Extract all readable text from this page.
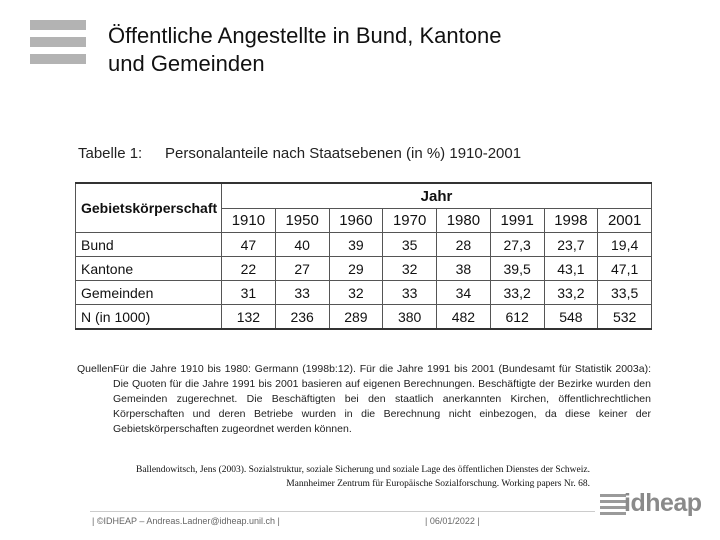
Öffentliche Angestellte in Bund, Kantone
und Gemeinden
Tabelle 1: Personalanteile nach Staatsebenen (in %) 1910-2001
Gebietskörperschaft	Jahr							
	1910	1950	1960	1970	1980	1991	1998	2001
Bund	47	40	39	35	28	27,3	23,7	19,4
Kantone	22	27	29	32	38	39,5	43,1	47,1
Gemeinden	31	33	32	33	34	33,2	33,2	33,5
N (in 1000)	132	236	289	380	482	612	548	532
Quellen:
Für die Jahre 1910 bis 1980: Germann (1998b:12). Für die Jahre 1991 bis 2001 (Bundesamt für Statistik 2003a): Die Quoten für die Jahre 1991 bis 2001 basieren auf eigenen Berechnungen. Beschäftigte der Bezirke wurden den Gemeinden zugerechnet. Die Beschäftigten bei den staatlich anerkannten Kirchen, öffentlichrechtlichen Körperschaften und deren Betriebe wurden in die Berechnung nicht einbezogen, da diese keiner der Gebietskörperschaften zugeordnet werden können.
Ballendowitsch, Jens (2003). Sozialstruktur, soziale Sicherung und soziale Lage des öffentlichen Dienstes der Schweiz.
Mannheimer Zentrum für Europäische Sozialforschung. Working papers Nr. 68.
idheap
| ©IDHEAP – Andreas.Ladner@idheap.unil.ch |	| 06/01/2022 |
